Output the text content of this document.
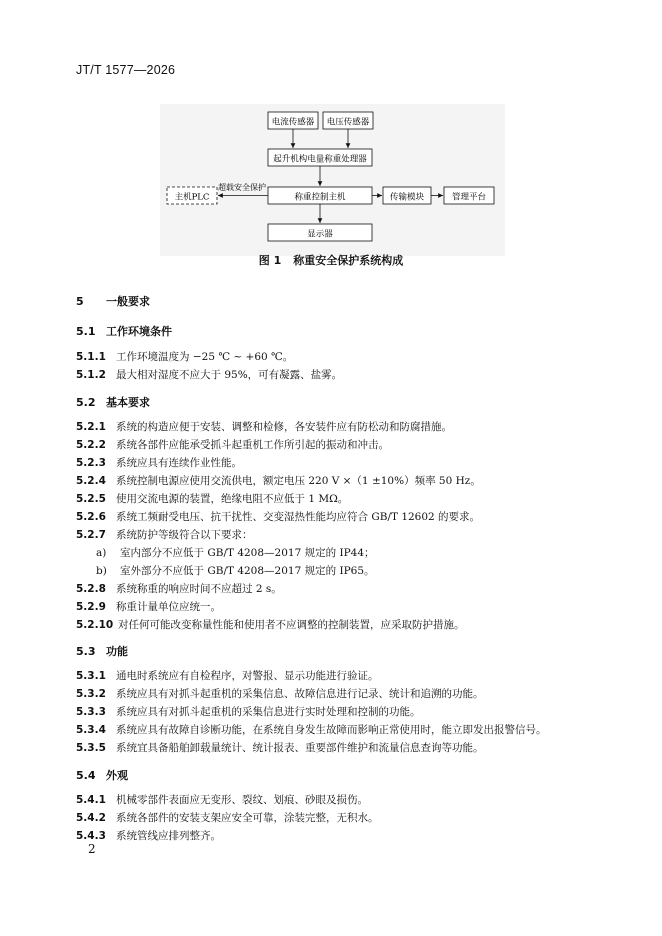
JT/T 1577—2026
电流传感器 电压传感器
起升机构电量称重处理器
主机PLC	称重控制主机	传输模块	管理平台
显示器
超载安全保护
图 1 称重安全保护系统构成
5 一般要求
5.1 工作环境条件
5.1.1 工作环境温度为 −25 ℃ ~ +60 ℃。
5.1.2 最大相对湿度不应大于 95%，可有凝露、盐雾。
5.2 基本要求
5.2.1 系统的构造应便于安装、调整和检修，各安装件应有防松动和防腐措施。
5.2.2 系统各部件应能承受抓斗起重机工作所引起的振动和冲击。
5.2.3 系统应具有连续作业性能。
5.2.4 系统控制电源应使用交流供电，额定电压 220 V ×（1 ±10%）频率 50 Hz。
5.2.5 使用交流电源的装置，绝缘电阻不应低于 1 MΩ。
5.2.6 系统工频耐受电压、抗干扰性、交变湿热性能均应符合 GB/T 12602 的要求。
5.2.7 系统防护等级符合以下要求：
a) 室内部分不应低于 GB/T 4208—2017 规定的 IP44；
b) 室外部分不应低于 GB/T 4208—2017 规定的 IP65。
5.2.8 系统称重的响应时间不应超过 2 s。
5.2.9 称重计量单位应统一。
5.2.10 对任何可能改变称量性能和使用者不应调整的控制装置，应采取防护措施。
5.3 功能
5.3.1 通电时系统应有自检程序，对警报、显示功能进行验证。
5.3.2 系统应具有对抓斗起重机的采集信息、故障信息进行记录、统计和追溯的功能。
5.3.3 系统应具有对抓斗起重机的采集信息进行实时处理和控制的功能。
5.3.4 系统应具有故障自诊断功能，在系统自身发生故障而影响正常使用时，能立即发出报警信号。
5.3.5 系统宜具备船舶卸载量统计、统计报表、重要部件维护和流量信息查询等功能。
5.4 外观
5.4.1 机械零部件表面应无变形、裂纹、划痕、砂眼及损伤。
5.4.2 系统各部件的安装支架应安全可靠，涂装完整，无积水。
5.4.3 系统管线应排列整齐。
2
